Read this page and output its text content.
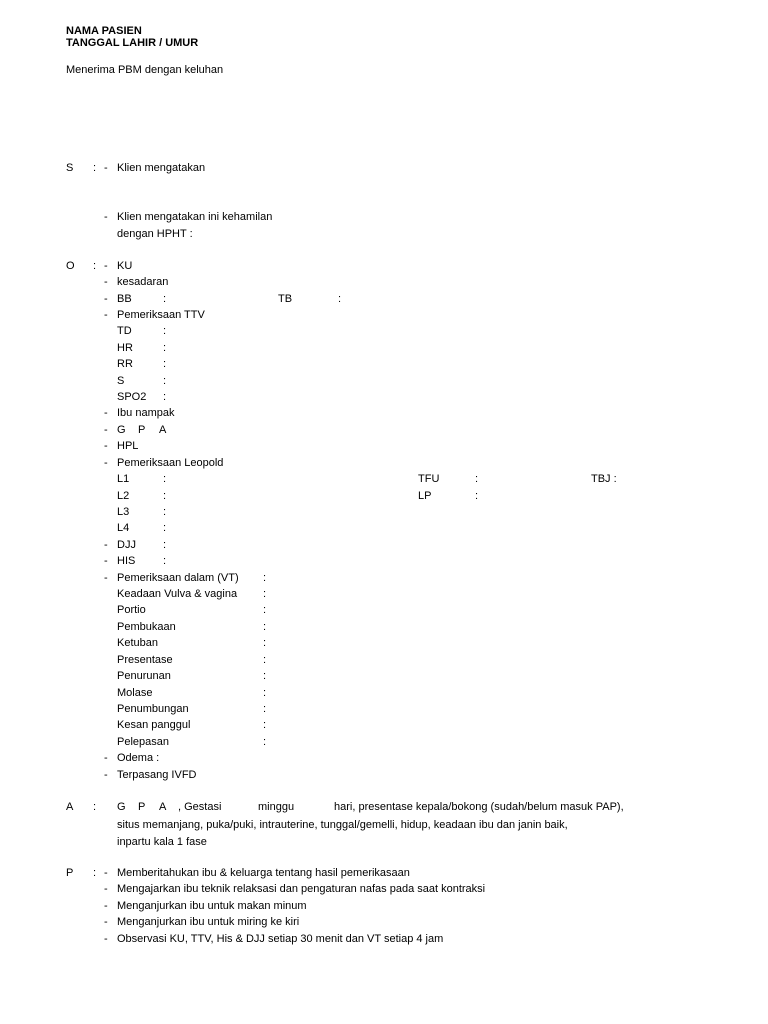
NAMA PASIEN
TANGGAL LAHIR / UMUR
Menerima PBM dengan keluhan
S : - Klien mengatakan
- Klien mengatakan ini kehamilan
dengan HPHT :
O : - KU
- kesadaran
- BB	:	TB	:
- Pemeriksaan TTV
TD	:
HR	:
RR	:
S	:
SPO2 :
- Ibu nampak
- G P A
- HPL
- Pemeriksaan Leopold
L1	:	TFU	:	TBJ :
L2	:	LP	:
L3	:
L4	:
- DJJ :
- HIS	:
- Pemeriksaan dalam (VT) :
Keadaan Vulva & vagina :
Portio	:
Pembukaan	:
Ketuban	:
Presentase	:
Penurunan	:
Molase	:
Penumbungan	:
Kesan panggul	:
Pelepasan	:
- Odema :
- Terpasang IVFD
A : G P A , Gestasi	minggu	hari, presentase kepala/bokong (sudah/belum masuk PAP),
situs memanjang, puka/puki, intrauterine, tunggal/gemelli, hidup, keadaan ibu dan janin baik,
inpartu kala 1 fase
P : - Memberitahukan ibu & keluarga tentang hasil pemerikasaan
- Mengajarkan ibu teknik relaksasi dan pengaturan nafas pada saat kontraksi
- Menganjurkan ibu untuk makan minum
- Menganjurkan ibu untuk miring ke kiri
- Observasi KU, TTV, His & DJJ setiap 30 menit dan VT setiap 4 jam
